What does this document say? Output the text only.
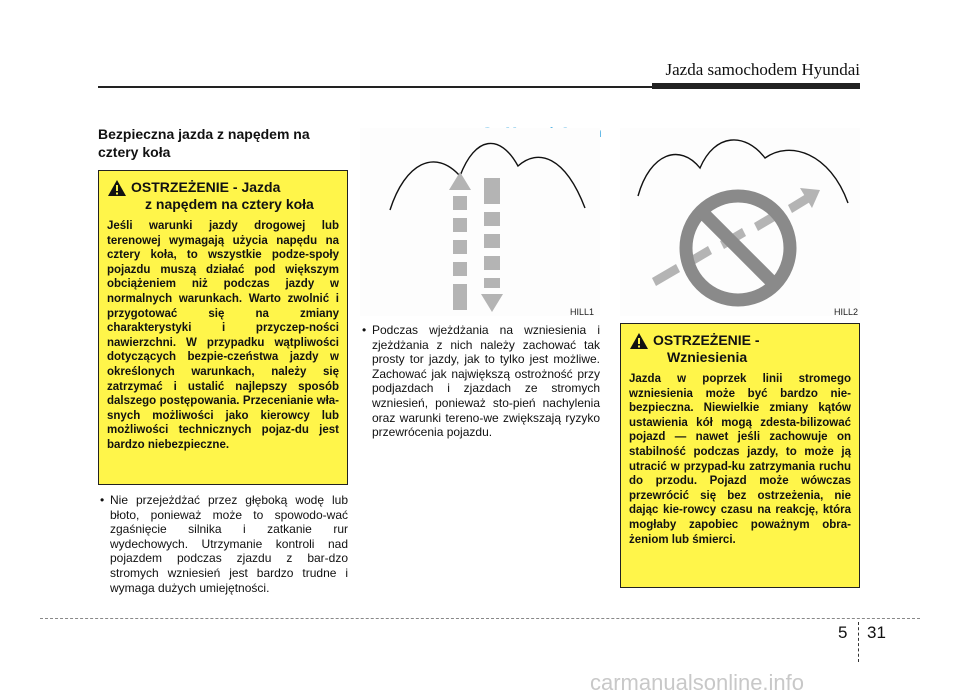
Jazda samochodem Hyundai
Bezpieczna jazda z napędem na cztery koła
OSTRZEŻENIE - Jazda
z napędem na cztery koła
Jeśli warunki jazdy drogowej lub terenowej wymagają użycia napędu na cztery koła, to wszystkie podze-społy pojazdu muszą działać pod większym obciążeniem niż podczas jazdy w normalnych warunkach. Warto zwolnić i przygotować się na zmiany charakterystyki i przyczep-ności nawierzchni. W przypadku wątpliwości dotyczących bezpie-czeństwa jazdy w określonych warunkach, należy się zatrzymać i ustalić najlepszy sposób dalszego postępowania. Przecenianie wła-snych możliwości jako kierowcy lub możliwości technicznych pojaz-du jest bardzo niebezpieczne.
• Nie przejeżdżać przez głęboką wodę lub błoto, ponieważ może to spowodo-wać zgaśnięcie silnika i zatkanie rur wydechowych. Utrzymanie kontroli nad pojazdem podczas zjazdu z bar-dzo stromych wzniesień jest bardzo trudne i wymaga dużych umiejętności.
CarManuals2.com
HILL1	HILL2
• Podczas wjeżdżania na wzniesienia i zjeżdżania z nich należy zachować tak prosty tor jazdy, jak to tylko jest możliwe. Zachować jak największą ostrożność przy podjazdach i zjazdach ze stromych wzniesień, ponieważ sto-pień nachylenia oraz warunki tereno-we zwiększają ryzyko przewrócenia pojazdu.
OSTRZEŻENIE -
Wzniesienia
Jazda w poprzek linii stromego wzniesienia może być bardzo nie-bezpieczna. Niewielkie zmiany kątów ustawienia kół mogą zdesta-bilizować pojazd — nawet jeśli zachowuje on stabilność podczas jazdy, to może ją utracić w przypad-ku zatrzymania ruchu do przodu. Pojazd może wówczas przewrócić się bez ostrzeżenia, nie dając kie-rowcy czasu na reakcję, która mogłaby zapobiec poważnym obra-żeniom lub śmierci.
5 31
carmanualsonline.info
